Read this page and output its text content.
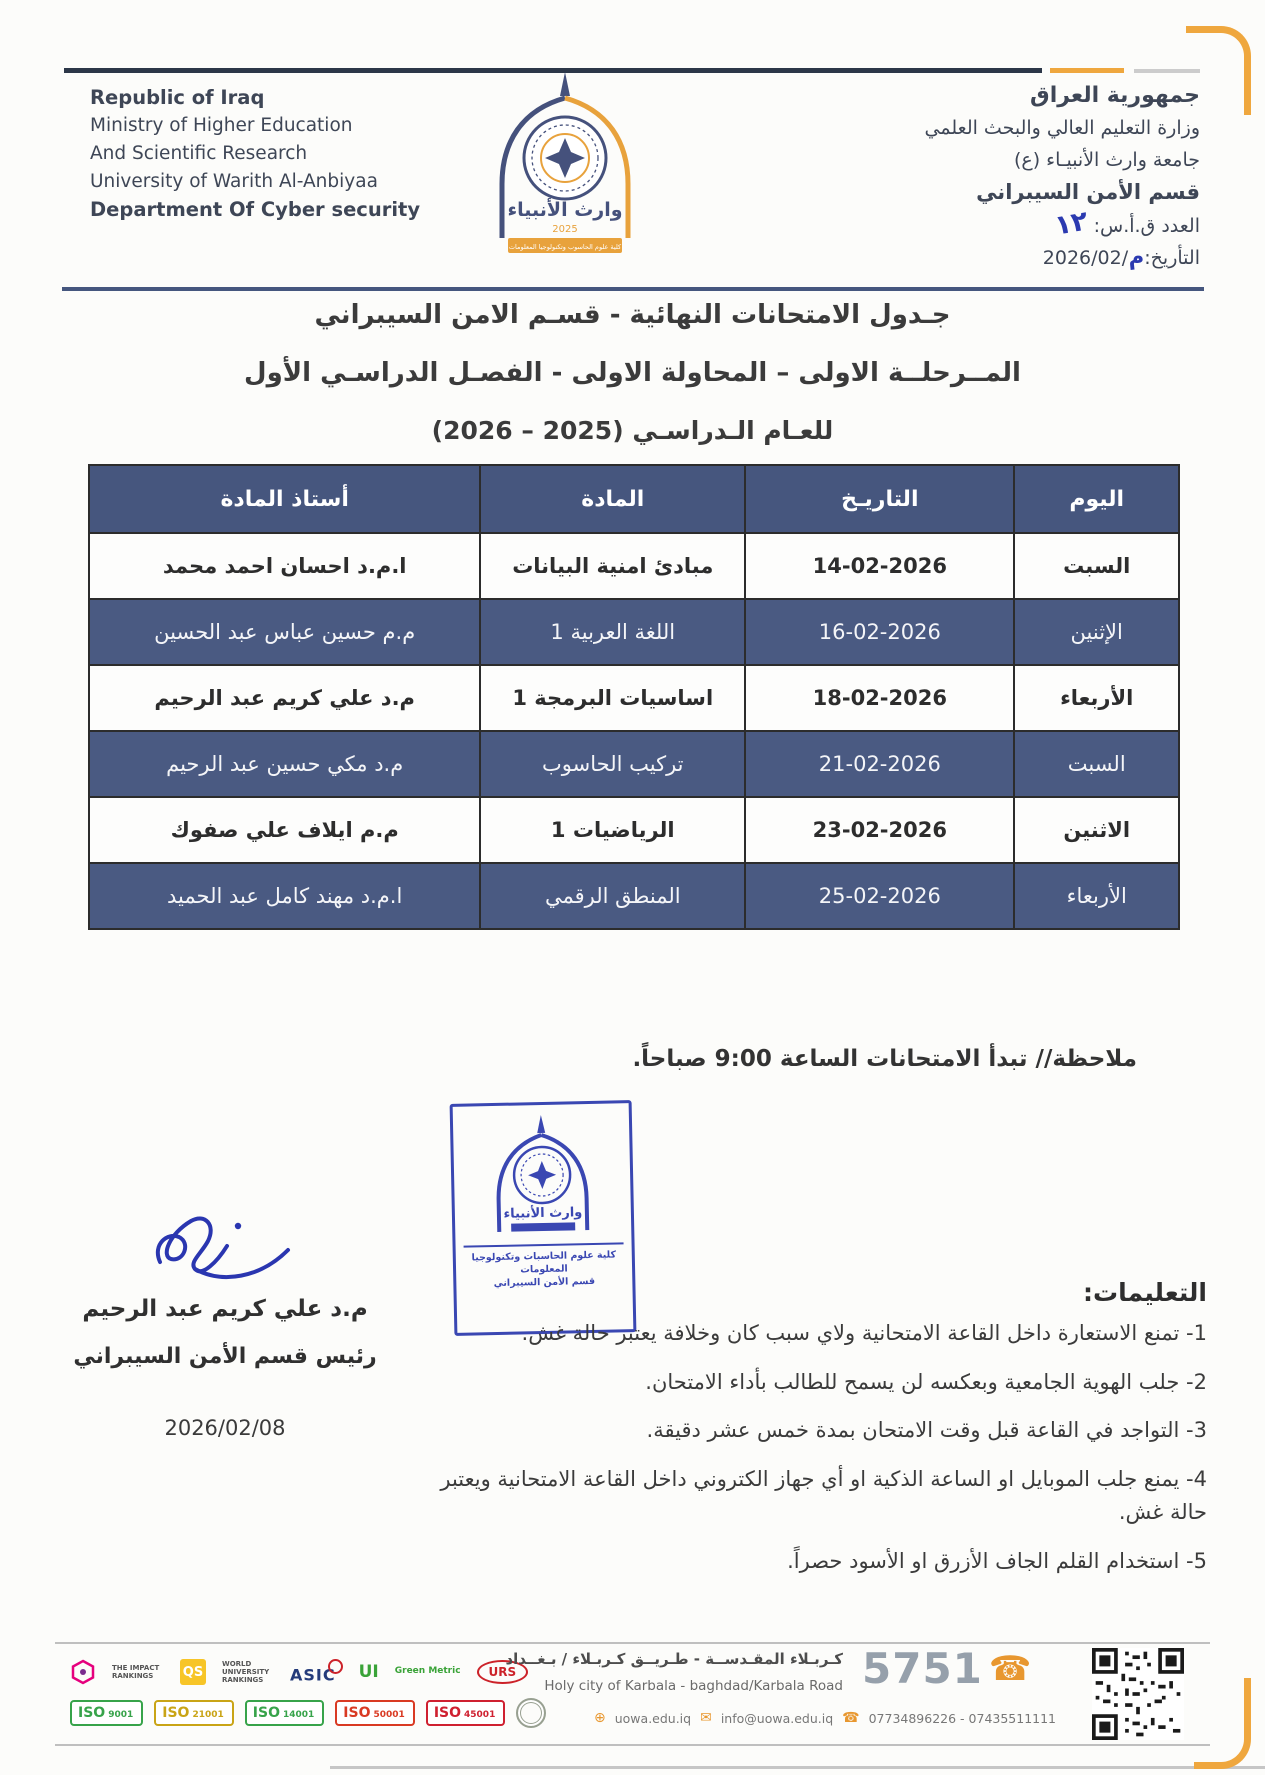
Republic of Iraq
Ministry of Higher Education
And Scientific Research
University of Warith Al-Anbiyaa
Department Of Cyber security	وارث الأنبياء
2025
كلية علوم الحاسوب وتكنولوجيا المعلومات
جمهورية العراق
وزارة التعليم العالي والبحث العلمي
جامعة وارث الأنبيـاء (ع)
قسم الأمن السيبراني
العدد ق.أ.س: ١٢
التأريخ:م/2026/02
جـدول الامتحانات النهائية - قسـم الامن السيبراني
المــرحلــة الاولى – المحاولة الاولى - الفصـل الدراسـي الأول
للعـام الـدراسـي (2025 – 2026)
اليوم	التاريـخ	المادة	أستاذ المادة
السبت	14-02-2026	مبادئ امنية البيانات	ا.م.د احسان احمد محمد
الإثنين	16-02-2026	اللغة العربية 1	م.م حسين عباس عبد الحسين
الأربعاء	18-02-2026	اساسيات البرمجة 1	م.د علي كريم عبد الرحيم
السبت	21-02-2026	تركيب الحاسوب	م.د مكي حسين عبد الرحيم
الاثنين	23-02-2026	الرياضيات 1	م.م ايلاف علي صفوك
الأربعاء	25-02-2026	المنطق الرقمي	ا.م.د مهند كامل عبد الحميد
ملاحظة// تبدأ الامتحانات الساعة 9:00 صباحاً.
وارث الأنبياء
كلية علوم الحاسبات وتكنولوجيا المعلومات
قسم الأمن السيبراني
م.د علي كريم عبد الرحيم
رئيس قسم الأمن السيبراني
2026/02/08
التعليمات:
1- تمنع الاستعارة داخل القاعة الامتحانية ولاي سبب كان وخلافة يعتبر حالة غش.
2- جلب الهوية الجامعية وبعكسه لن يسمح للطالب بأداء الامتحان.
3- التواجد في القاعة قبل وقت الامتحان بمدة خمس عشر دقيقة.
4- يمنع جلب الموبايل او الساعة الذكية او أي جهاز الكتروني داخل القاعة الامتحانية ويعتبر حالة غش.
5- استخدام القلم الجاف الأزرق او الأسود حصراً.
THE IMPACT RANKINGS	QS
WORLD UNIVERSITY RANKINGS	ASIC	UI Green Metric	URS
ISO 9001 ISO 21001 ISO 14001 ISO 50001 ISO 45001
كـربـلاء المقـدســة - طـريــق كـربـلاء / بـغــداد
Holy city of Karbala - baghdad/Karbala Road 5751 ☎
⊕ uowa.edu.iq ✉ info@uowa.edu.iq ☎ 07734896226 - 07435511111
